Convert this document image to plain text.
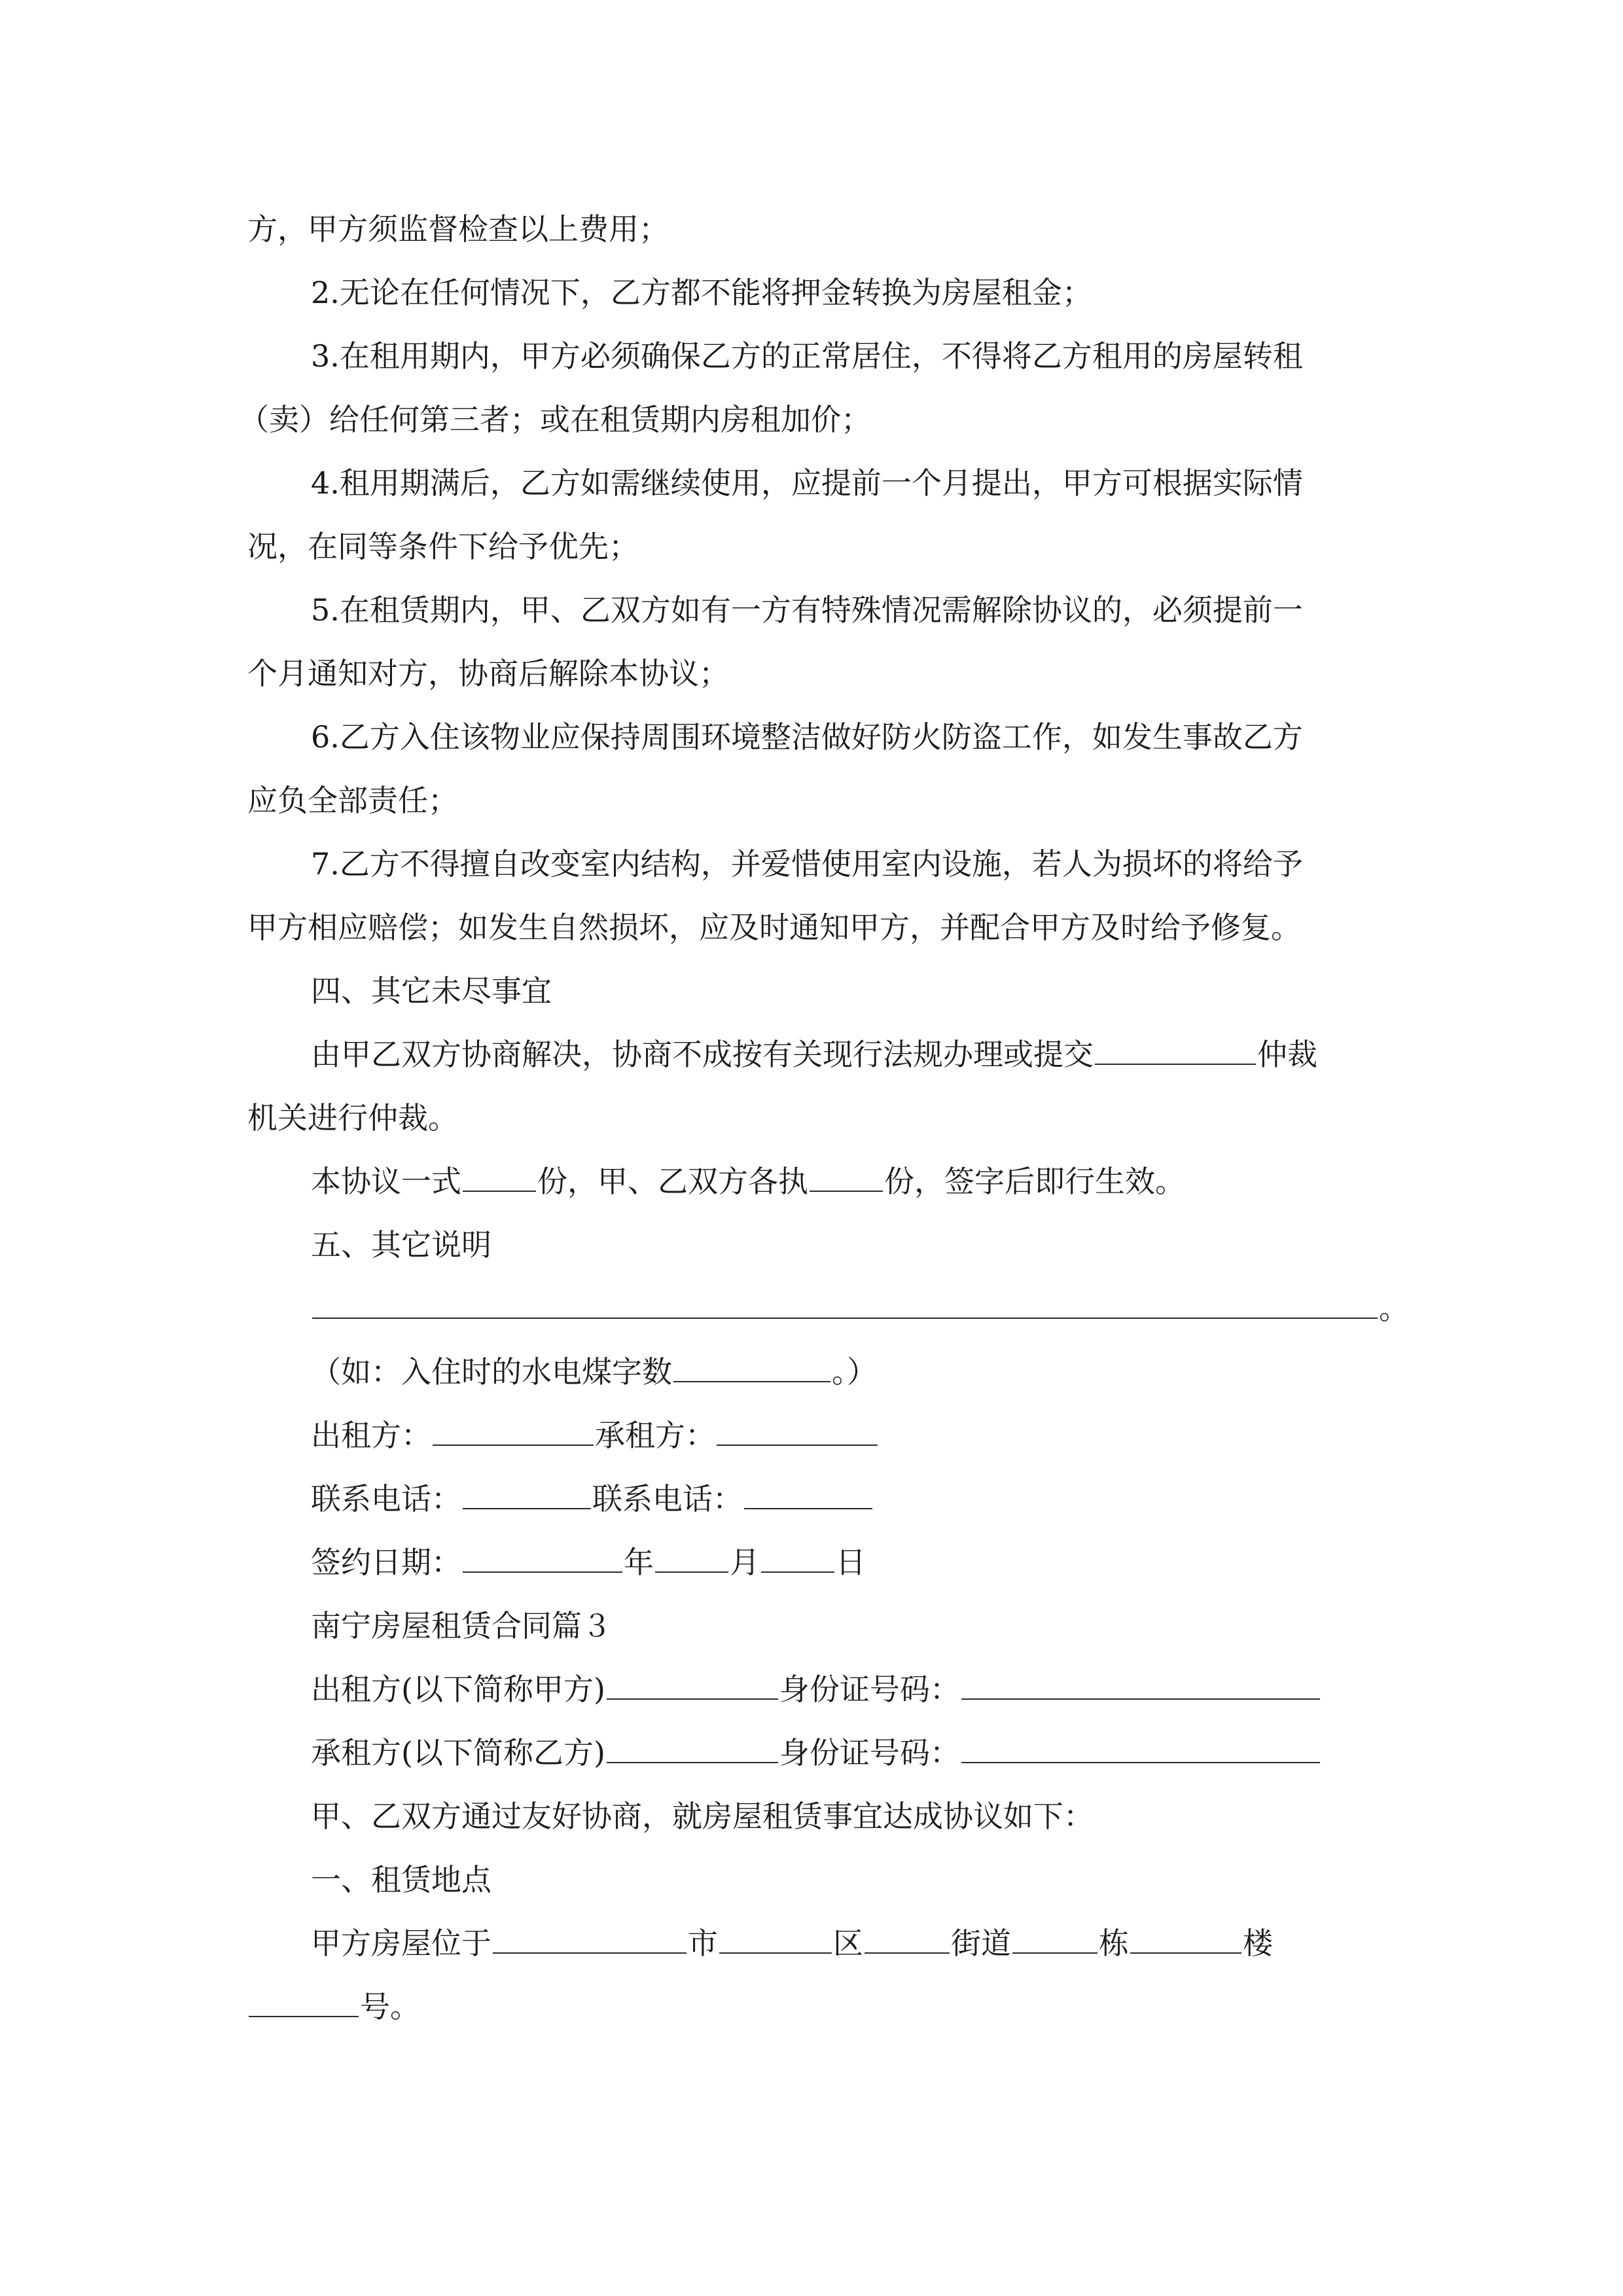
方，甲方须监督检查以上费用；
2.无论在任何情况下，乙方都不能将押金转换为房屋租金；
3.在租用期内，甲方必须确保乙方的正常居住，不得将乙方租用的房屋转租
（卖）给任何第三者；或在租赁期内房租加价；
4.租用期满后，乙方如需继续使用，应提前一个月提出，甲方可根据实际情
况，在同等条件下给予优先；
5.在租赁期内，甲、乙双方如有一方有特殊情况需解除协议的，必须提前一
个月通知对方，协商后解除本协议；
6.乙方入住该物业应保持周围环境整洁做好防火防盗工作，如发生事故乙方
应负全部责任；
7.乙方不得擅自改变室内结构，并爱惜使用室内设施，若人为损坏的将给予
甲方相应赔偿；如发生自然损坏，应及时通知甲方，并配合甲方及时给予修复。
四、其它未尽事宜
由甲乙双方协商解决，协商不成按有关现行法规办理或提交	仲裁
机关进行仲裁。
本协议一式	份，甲、乙双方各执	份，签字后即行生效。
五、其它说明
。
（如：入住时的水电煤字数	。）
出租方：	承租方：
联系电话：	联系电话：
签约日期：	年	月	日
南宁房屋租赁合同篇３
出租方(以下简称甲方)	身份证号码：
承租方(以下简称乙方)	身份证号码：
甲、乙双方通过友好协商，就房屋租赁事宜达成协议如下：
一、租赁地点
甲方房屋位于	市	区	街道	栋	楼
号。
